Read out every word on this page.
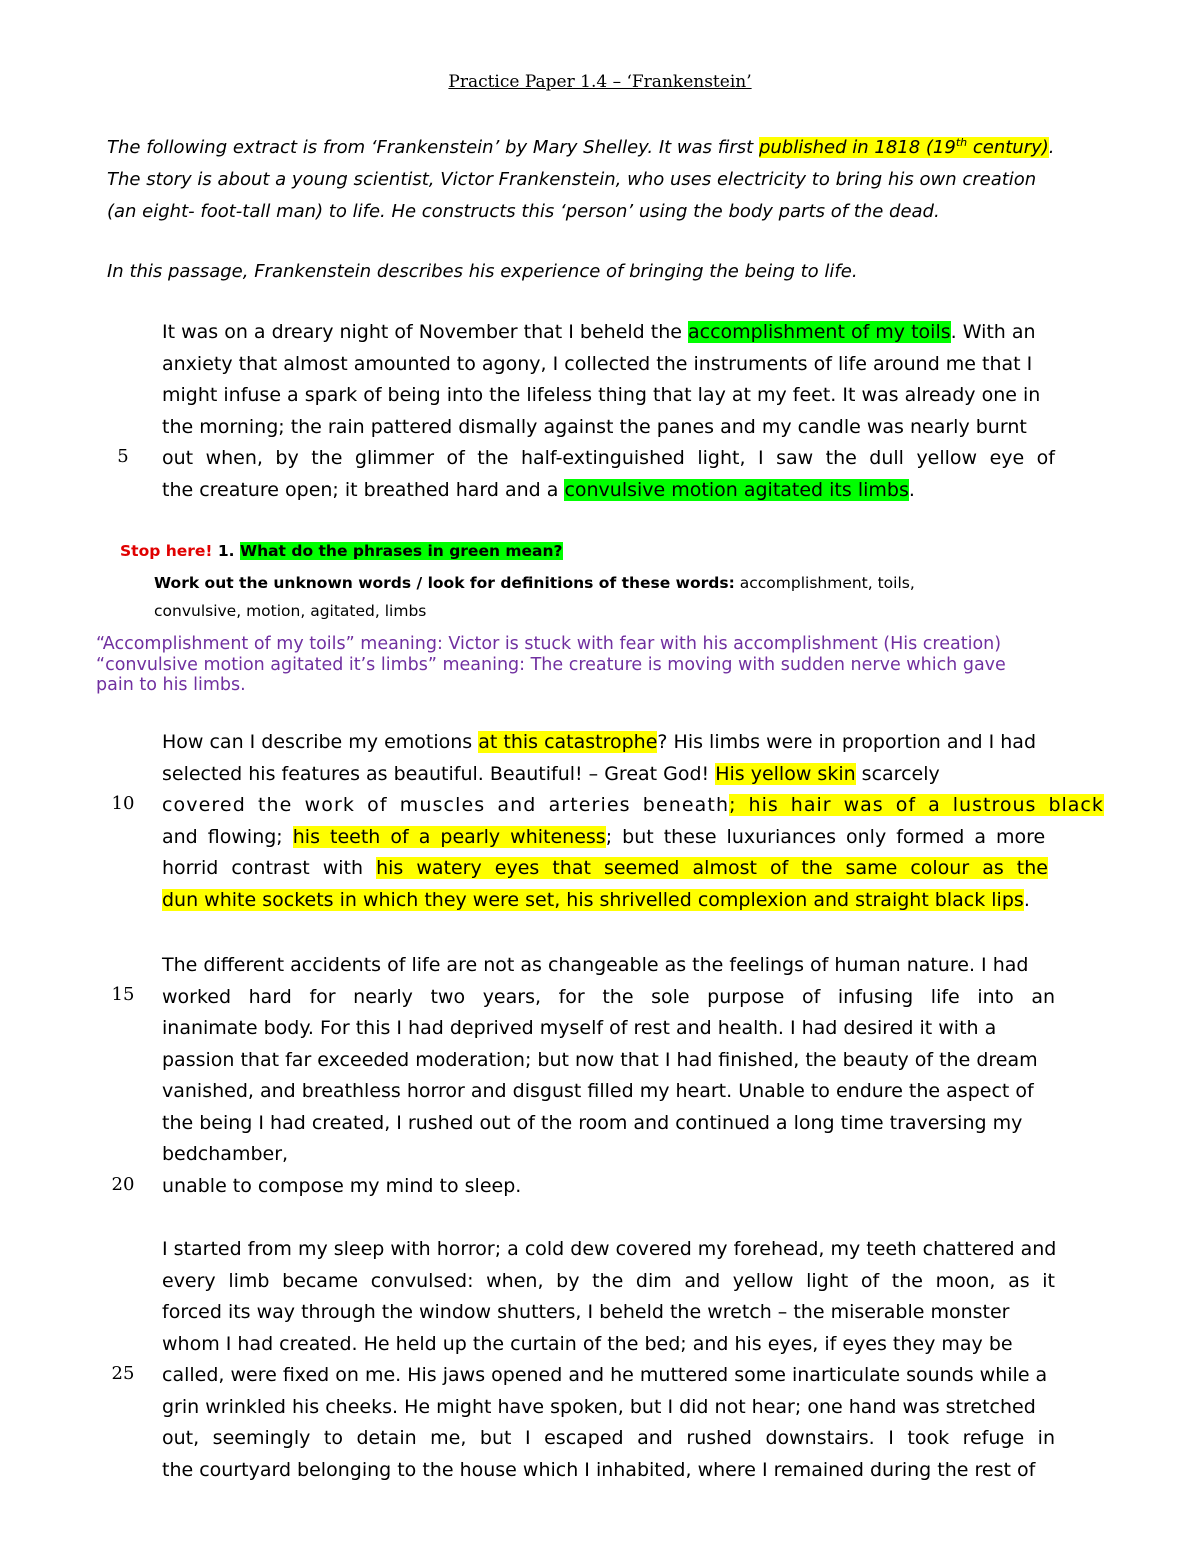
Practice Paper 1.4 – ‘Frankenstein’
The following extract is from ‘Frankenstein’ by Mary Shelley. It was first published in 1818 (19th century).
The story is about a young scientist, Victor Frankenstein, who uses electricity to bring his own creation
(an eight- foot-tall man) to life. He constructs this ‘person’ using the body parts of the dead.
In this passage, Frankenstein describes his experience of bringing the being to life.
It was on a dreary night of November that I beheld the accomplishment of my toils. With an
anxiety that almost amounted to agony, I collected the instruments of life around me that I
might infuse a spark of being into the lifeless thing that lay at my feet. It was already one in
the morning; the rain pattered dismally against the panes and my candle was nearly burnt
out when, by the glimmer of the half-extinguished light, I saw the dull yellow eye of
the creature open; it breathed hard and a convulsive motion agitated its limbs.
5
Stop here! 1. What do the phrases in green mean?
Work out the unknown words / look for definitions of these words: accomplishment, toils,
convulsive, motion, agitated, limbs
“Accomplishment of my toils” meaning: Victor is stuck with fear with his accomplishment (His creation)
“convulsive motion agitated it’s limbs” meaning: The creature is moving with sudden nerve which gave
pain to his limbs.
How can I describe my emotions at this catastrophe? His limbs were in proportion and I had
selected his features as beautiful. Beautiful! – Great God! His yellow skin scarcely
covered the work of muscles and arteries beneath; his hair was of a lustrous black
and flowing; his teeth of a pearly whiteness; but these luxuriances only formed a more
horrid contrast with his watery eyes that seemed almost of the same colour as the
dun white sockets in which they were set, his shrivelled complexion and straight black lips.
10
The different accidents of life are not as changeable as the feelings of human nature. I had
worked hard for nearly two years, for the sole purpose of infusing life into an
inanimate body. For this I had deprived myself of rest and health. I had desired it with a
passion that far exceeded moderation; but now that I had finished, the beauty of the dream
vanished, and breathless horror and disgust filled my heart. Unable to endure the aspect of
the being I had created, I rushed out of the room and continued a long time traversing my
bedchamber,
unable to compose my mind to sleep.
15
20
I started from my sleep with horror; a cold dew covered my forehead, my teeth chattered and
every limb became convulsed: when, by the dim and yellow light of the moon, as it
forced its way through the window shutters, I beheld the wretch – the miserable monster
whom I had created. He held up the curtain of the bed; and his eyes, if eyes they may be
called, were fixed on me. His jaws opened and he muttered some inarticulate sounds while a
grin wrinkled his cheeks. He might have spoken, but I did not hear; one hand was stretched
out, seemingly to detain me, but I escaped and rushed downstairs. I took refuge in
the courtyard belonging to the house which I inhabited, where I remained during the rest of
25
